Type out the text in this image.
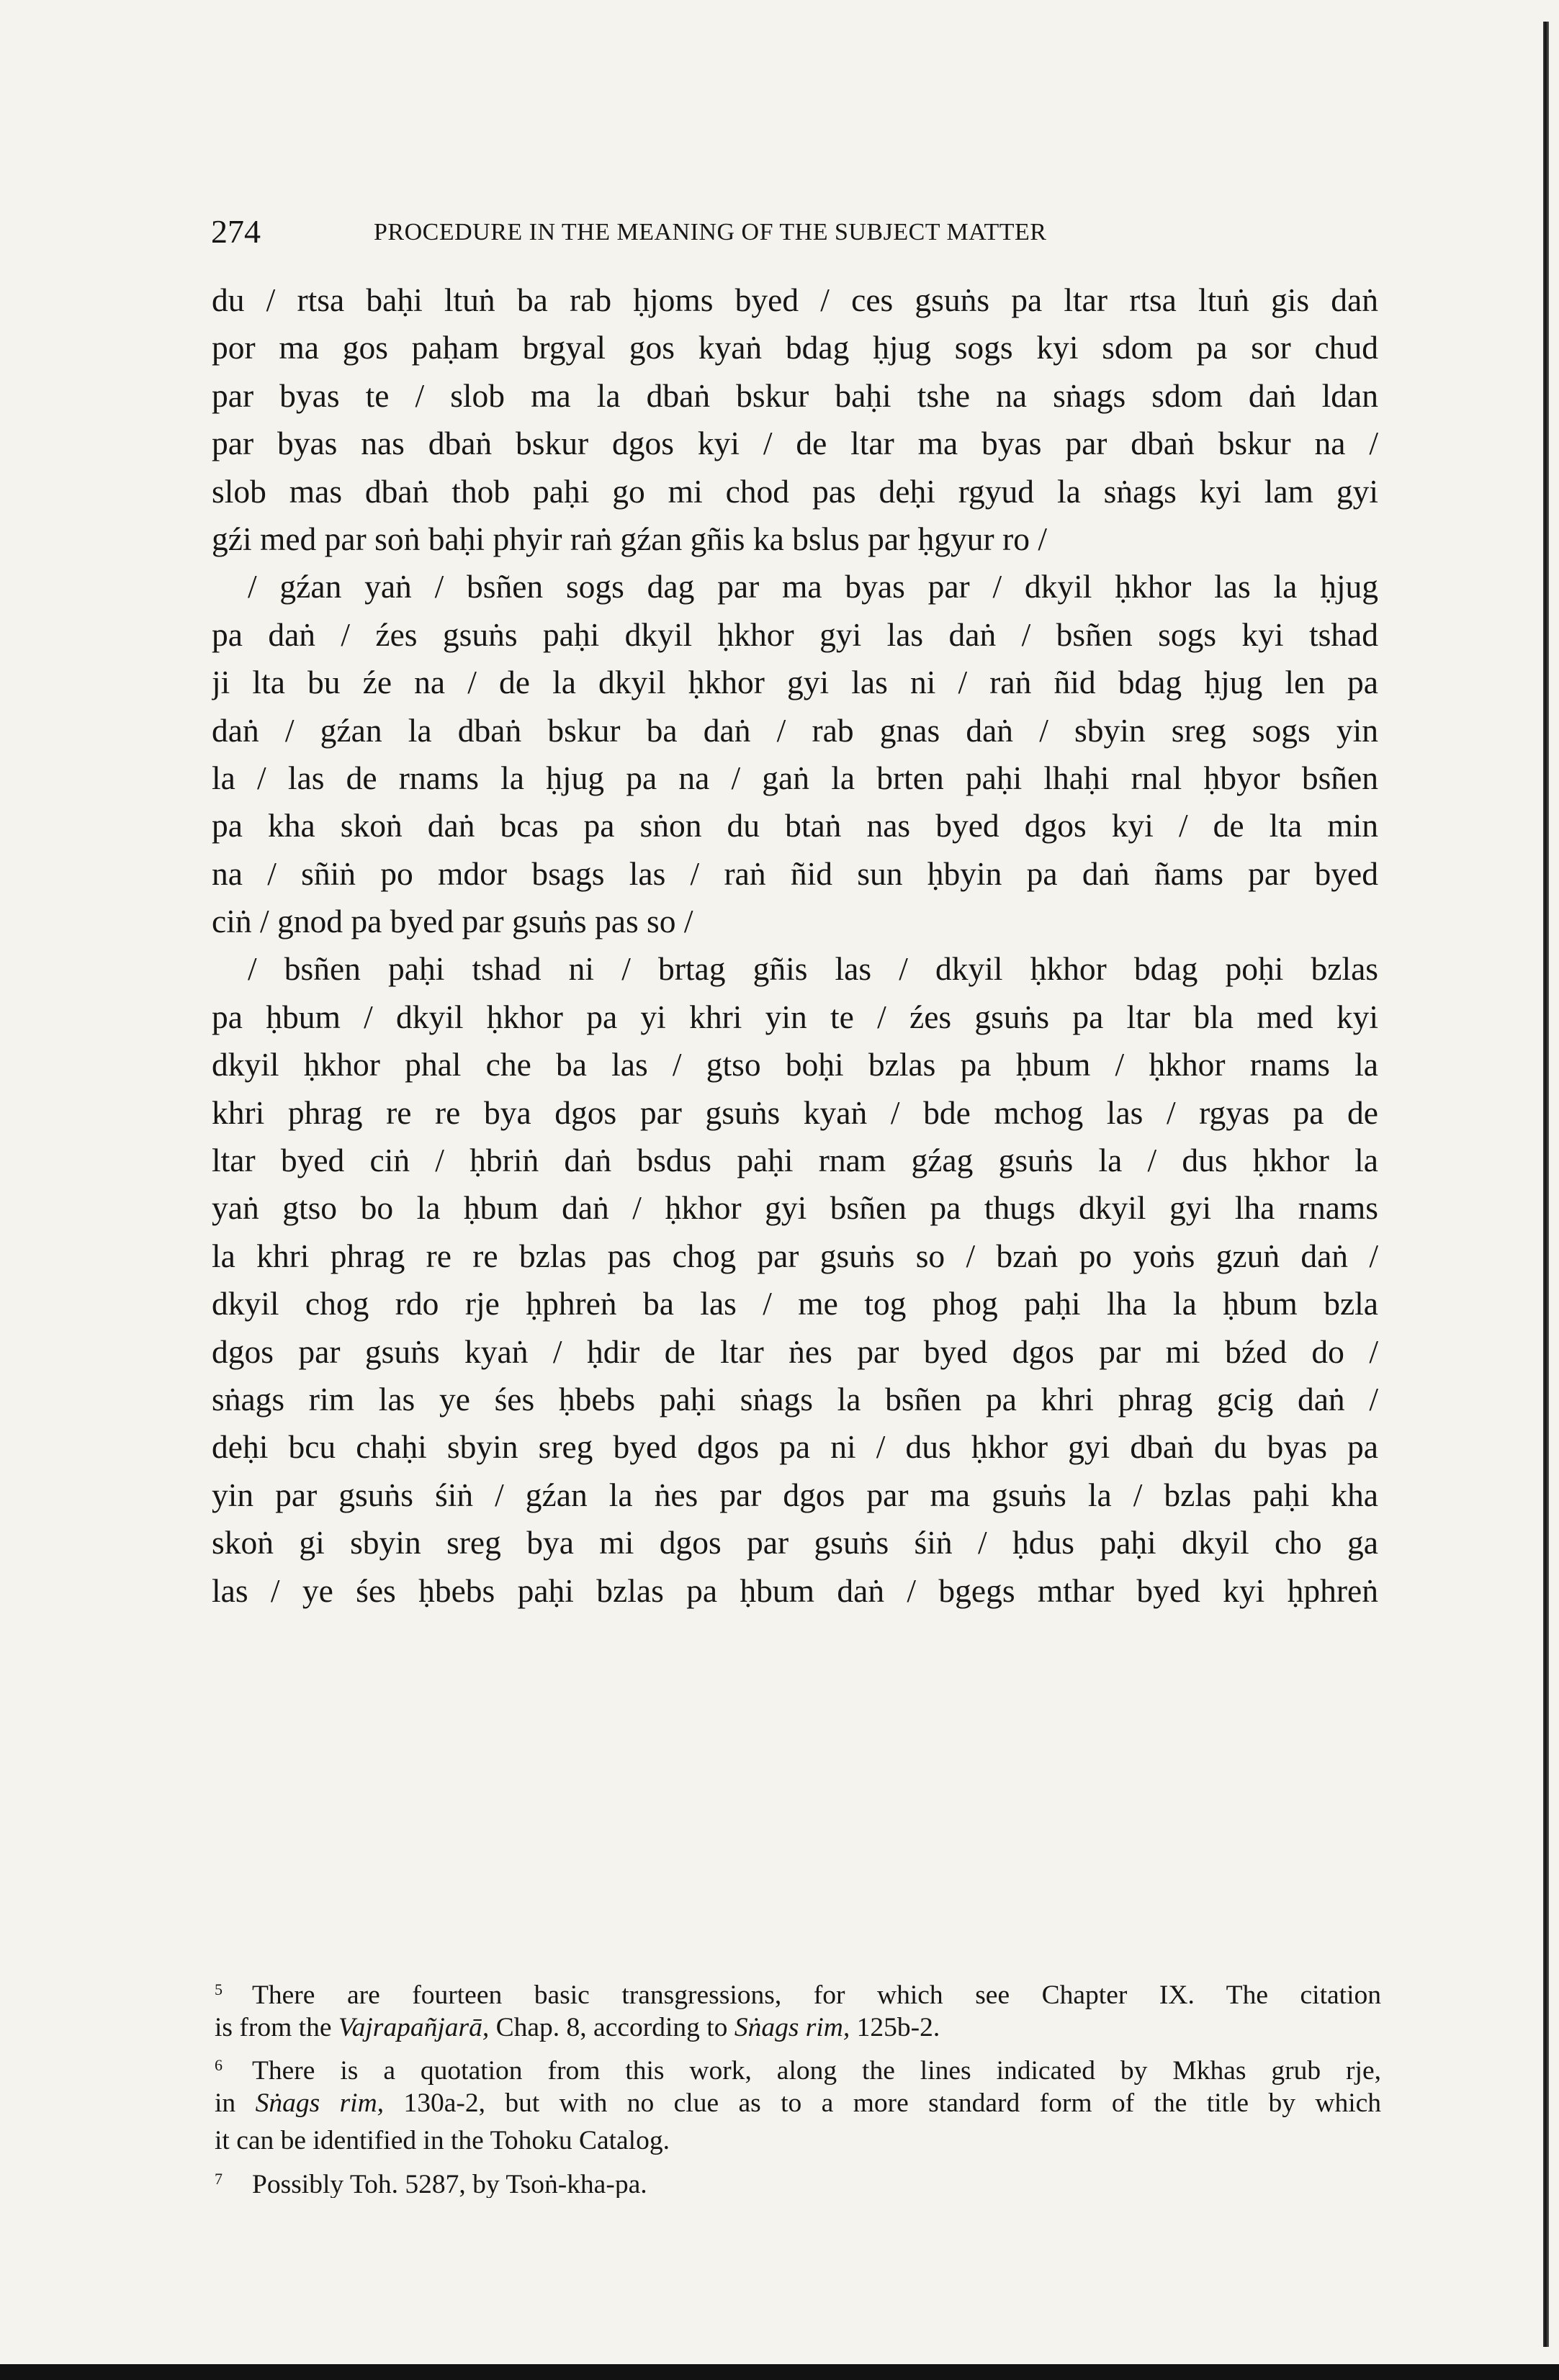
274	PROCEDURE IN THE MEANING OF THE SUBJECT MATTER
du / rtsa baḥi ltuṅ ba rab ḥjoms byed / ces gsuṅs pa ltar rtsa ltuṅ gis daṅ
por ma gos paḥam brgyal gos kyaṅ bdag ḥjug sogs kyi sdom pa sor chud
par byas te / slob ma la dbaṅ bskur baḥi tshe na sṅags sdom daṅ ldan
par byas nas dbaṅ bskur dgos kyi / de ltar ma byas par dbaṅ bskur na /
slob mas dbaṅ thob paḥi go mi chod pas deḥi rgyud la sṅags kyi lam gyi
gźi med par soṅ baḥi phyir raṅ gźan gñis ka bslus par ḥgyur ro /
/ gźan yaṅ / bsñen sogs dag par ma byas par / dkyil ḥkhor las la ḥjug
pa daṅ / źes gsuṅs paḥi dkyil ḥkhor gyi las daṅ / bsñen sogs kyi tshad
ji lta bu źe na / de la dkyil ḥkhor gyi las ni / raṅ ñid bdag ḥjug len pa
daṅ / gźan la dbaṅ bskur ba daṅ / rab gnas daṅ / sbyin sreg sogs yin
la / las de rnams la ḥjug pa na / gaṅ la brten paḥi lhaḥi rnal ḥbyor bsñen
pa kha skoṅ daṅ bcas pa sṅon du btaṅ nas byed dgos kyi / de lta min
na / sñiṅ po mdor bsags las / raṅ ñid sun ḥbyin pa daṅ ñams par byed
ciṅ / gnod pa byed par gsuṅs pas so /
/ bsñen paḥi tshad ni / brtag gñis las / dkyil ḥkhor bdag poḥi bzlas
pa ḥbum / dkyil ḥkhor pa yi khri yin te / źes gsuṅs pa ltar bla med kyi
dkyil ḥkhor phal che ba las / gtso boḥi bzlas pa ḥbum / ḥkhor rnams la
khri phrag re re bya dgos par gsuṅs kyaṅ / bde mchog las / rgyas pa de
ltar byed ciṅ / ḥbriṅ daṅ bsdus paḥi rnam gźag gsuṅs la / dus ḥkhor la
yaṅ gtso bo la ḥbum daṅ / ḥkhor gyi bsñen pa thugs dkyil gyi lha rnams
la khri phrag re re bzlas pas chog par gsuṅs so / bzaṅ po yoṅs gzuṅ daṅ /
dkyil chog rdo rje ḥphreṅ ba las / me tog phog paḥi lha la ḥbum bzla
dgos par gsuṅs kyaṅ / ḥdir de ltar ṅes par byed dgos par mi bźed do /
sṅags rim las ye śes ḥbebs paḥi sṅags la bsñen pa khri phrag gcig daṅ /
deḥi bcu chaḥi sbyin sreg byed dgos pa ni / dus ḥkhor gyi dbaṅ du byas pa
yin par gsuṅs śiṅ / gźan la ṅes par dgos par ma gsuṅs la / bzlas paḥi kha
skoṅ gi sbyin sreg bya mi dgos par gsuṅs śiṅ / ḥdus paḥi dkyil cho ga
las / ye śes ḥbebs paḥi bzlas pa ḥbum daṅ / bgegs mthar byed kyi ḥphreṅ
5 There are fourteen basic transgressions, for which see Chapter IX. The citation
is from the Vajrapañjarā, Chap. 8, according to Sṅags rim, 125b-2.
6 There is a quotation from this work, along the lines indicated by Mkhas grub rje,
in Sṅags rim, 130a-2, but with no clue as to a more standard form of the title by which
it can be identified in the Tohoku Catalog.
7 Possibly Toh. 5287, by Tsoṅ-kha-pa.
